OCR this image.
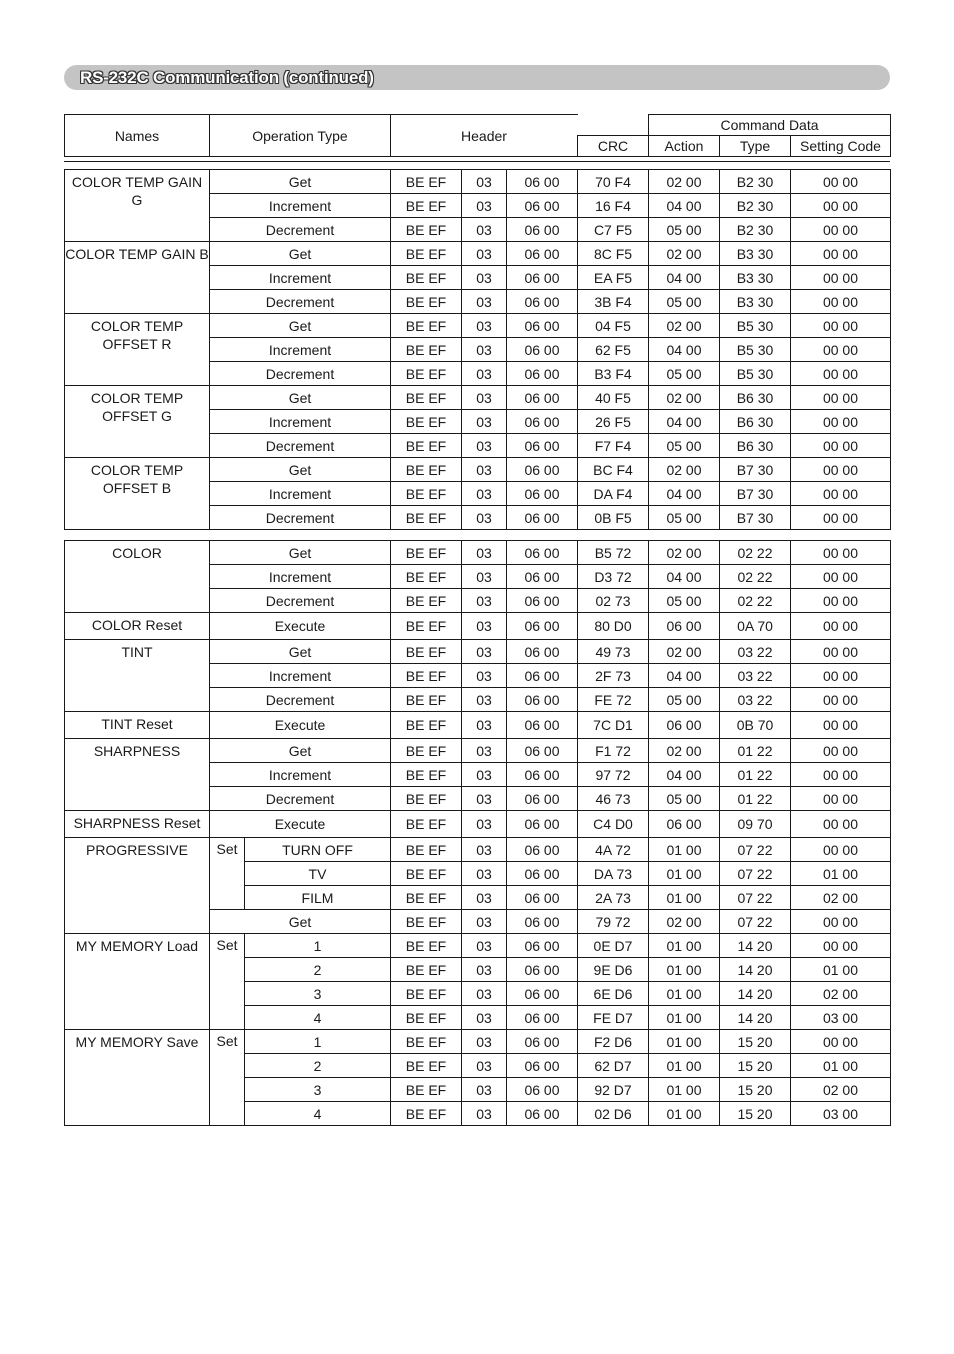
RS-232C Communication (continued)
Names	Operation Type	Header		Command Data		
			CRC	Action	Type	Setting Code
COLOR TEMP GAIN G	Get	BE EF	03	06 00	70 F4	02 00	B2 30	00 00
	Increment	BE EF	03	06 00	16 F4	04 00	B2 30	00 00
	Decrement	BE EF	03	06 00	C7 F5	05 00	B2 30	00 00
COLOR TEMP GAIN B	Get	BE EF	03	06 00	8C F5	02 00	B3 30	00 00
	Increment	BE EF	03	06 00	EA F5	04 00	B3 30	00 00
	Decrement	BE EF	03	06 00	3B F4	05 00	B3 30	00 00
COLOR TEMP OFFSET R	Get	BE EF	03	06 00	04 F5	02 00	B5 30	00 00
	Increment	BE EF	03	06 00	62 F5	04 00	B5 30	00 00
	Decrement	BE EF	03	06 00	B3 F4	05 00	B5 30	00 00
COLOR TEMP OFFSET G	Get	BE EF	03	06 00	40 F5	02 00	B6 30	00 00
	Increment	BE EF	03	06 00	26 F5	04 00	B6 30	00 00
	Decrement	BE EF	03	06 00	F7 F4	05 00	B6 30	00 00
COLOR TEMP OFFSET B	Get	BE EF	03	06 00	BC F4	02 00	B7 30	00 00
	Increment	BE EF	03	06 00	DA F4	04 00	B7 30	00 00
	Decrement	BE EF	03	06 00	0B F5	05 00	B7 30	00 00
COLOR	Get		BE EF	03	06 00	B5 72	02 00	02 22	00 00
	Increment		BE EF	03	06 00	D3 72	04 00	02 22	00 00
	Decrement		BE EF	03	06 00	02 73	05 00	02 22	00 00
COLOR Reset	Execute		BE EF	03	06 00	80 D0	06 00	0A 70	00 00
TINT	Get		BE EF	03	06 00	49 73	02 00	03 22	00 00
	Increment		BE EF	03	06 00	2F 73	04 00	03 22	00 00
	Decrement		BE EF	03	06 00	FE 72	05 00	03 22	00 00
TINT Reset	Execute		BE EF	03	06 00	7C D1	06 00	0B 70	00 00
SHARPNESS	Get		BE EF	03	06 00	F1 72	02 00	01 22	00 00
	Increment		BE EF	03	06 00	97 72	04 00	01 22	00 00
	Decrement		BE EF	03	06 00	46 73	05 00	01 22	00 00
SHARPNESS Reset	Execute		BE EF	03	06 00	C4 D0	06 00	09 70	00 00
PROGRESSIVE	Set	TURN OFF	BE EF	03	06 00	4A 72	01 00	07 22	00 00
		TV	BE EF	03	06 00	DA 73	01 00	07 22	01 00
		FILM	BE EF	03	06 00	2A 73	01 00	07 22	02 00
	Get		BE EF	03	06 00	79 72	02 00	07 22	00 00
MY MEMORY Load	Set	1	BE EF	03	06 00	0E D7	01 00	14 20	00 00
		2	BE EF	03	06 00	9E D6	01 00	14 20	01 00
		3	BE EF	03	06 00	6E D6	01 00	14 20	02 00
		4	BE EF	03	06 00	FE D7	01 00	14 20	03 00
MY MEMORY Save	Set	1	BE EF	03	06 00	F2 D6	01 00	15 20	00 00
		2	BE EF	03	06 00	62 D7	01 00	15 20	01 00
		3	BE EF	03	06 00	92 D7	01 00	15 20	02 00
		4	BE EF	03	06 00	02 D6	01 00	15 20	03 00
